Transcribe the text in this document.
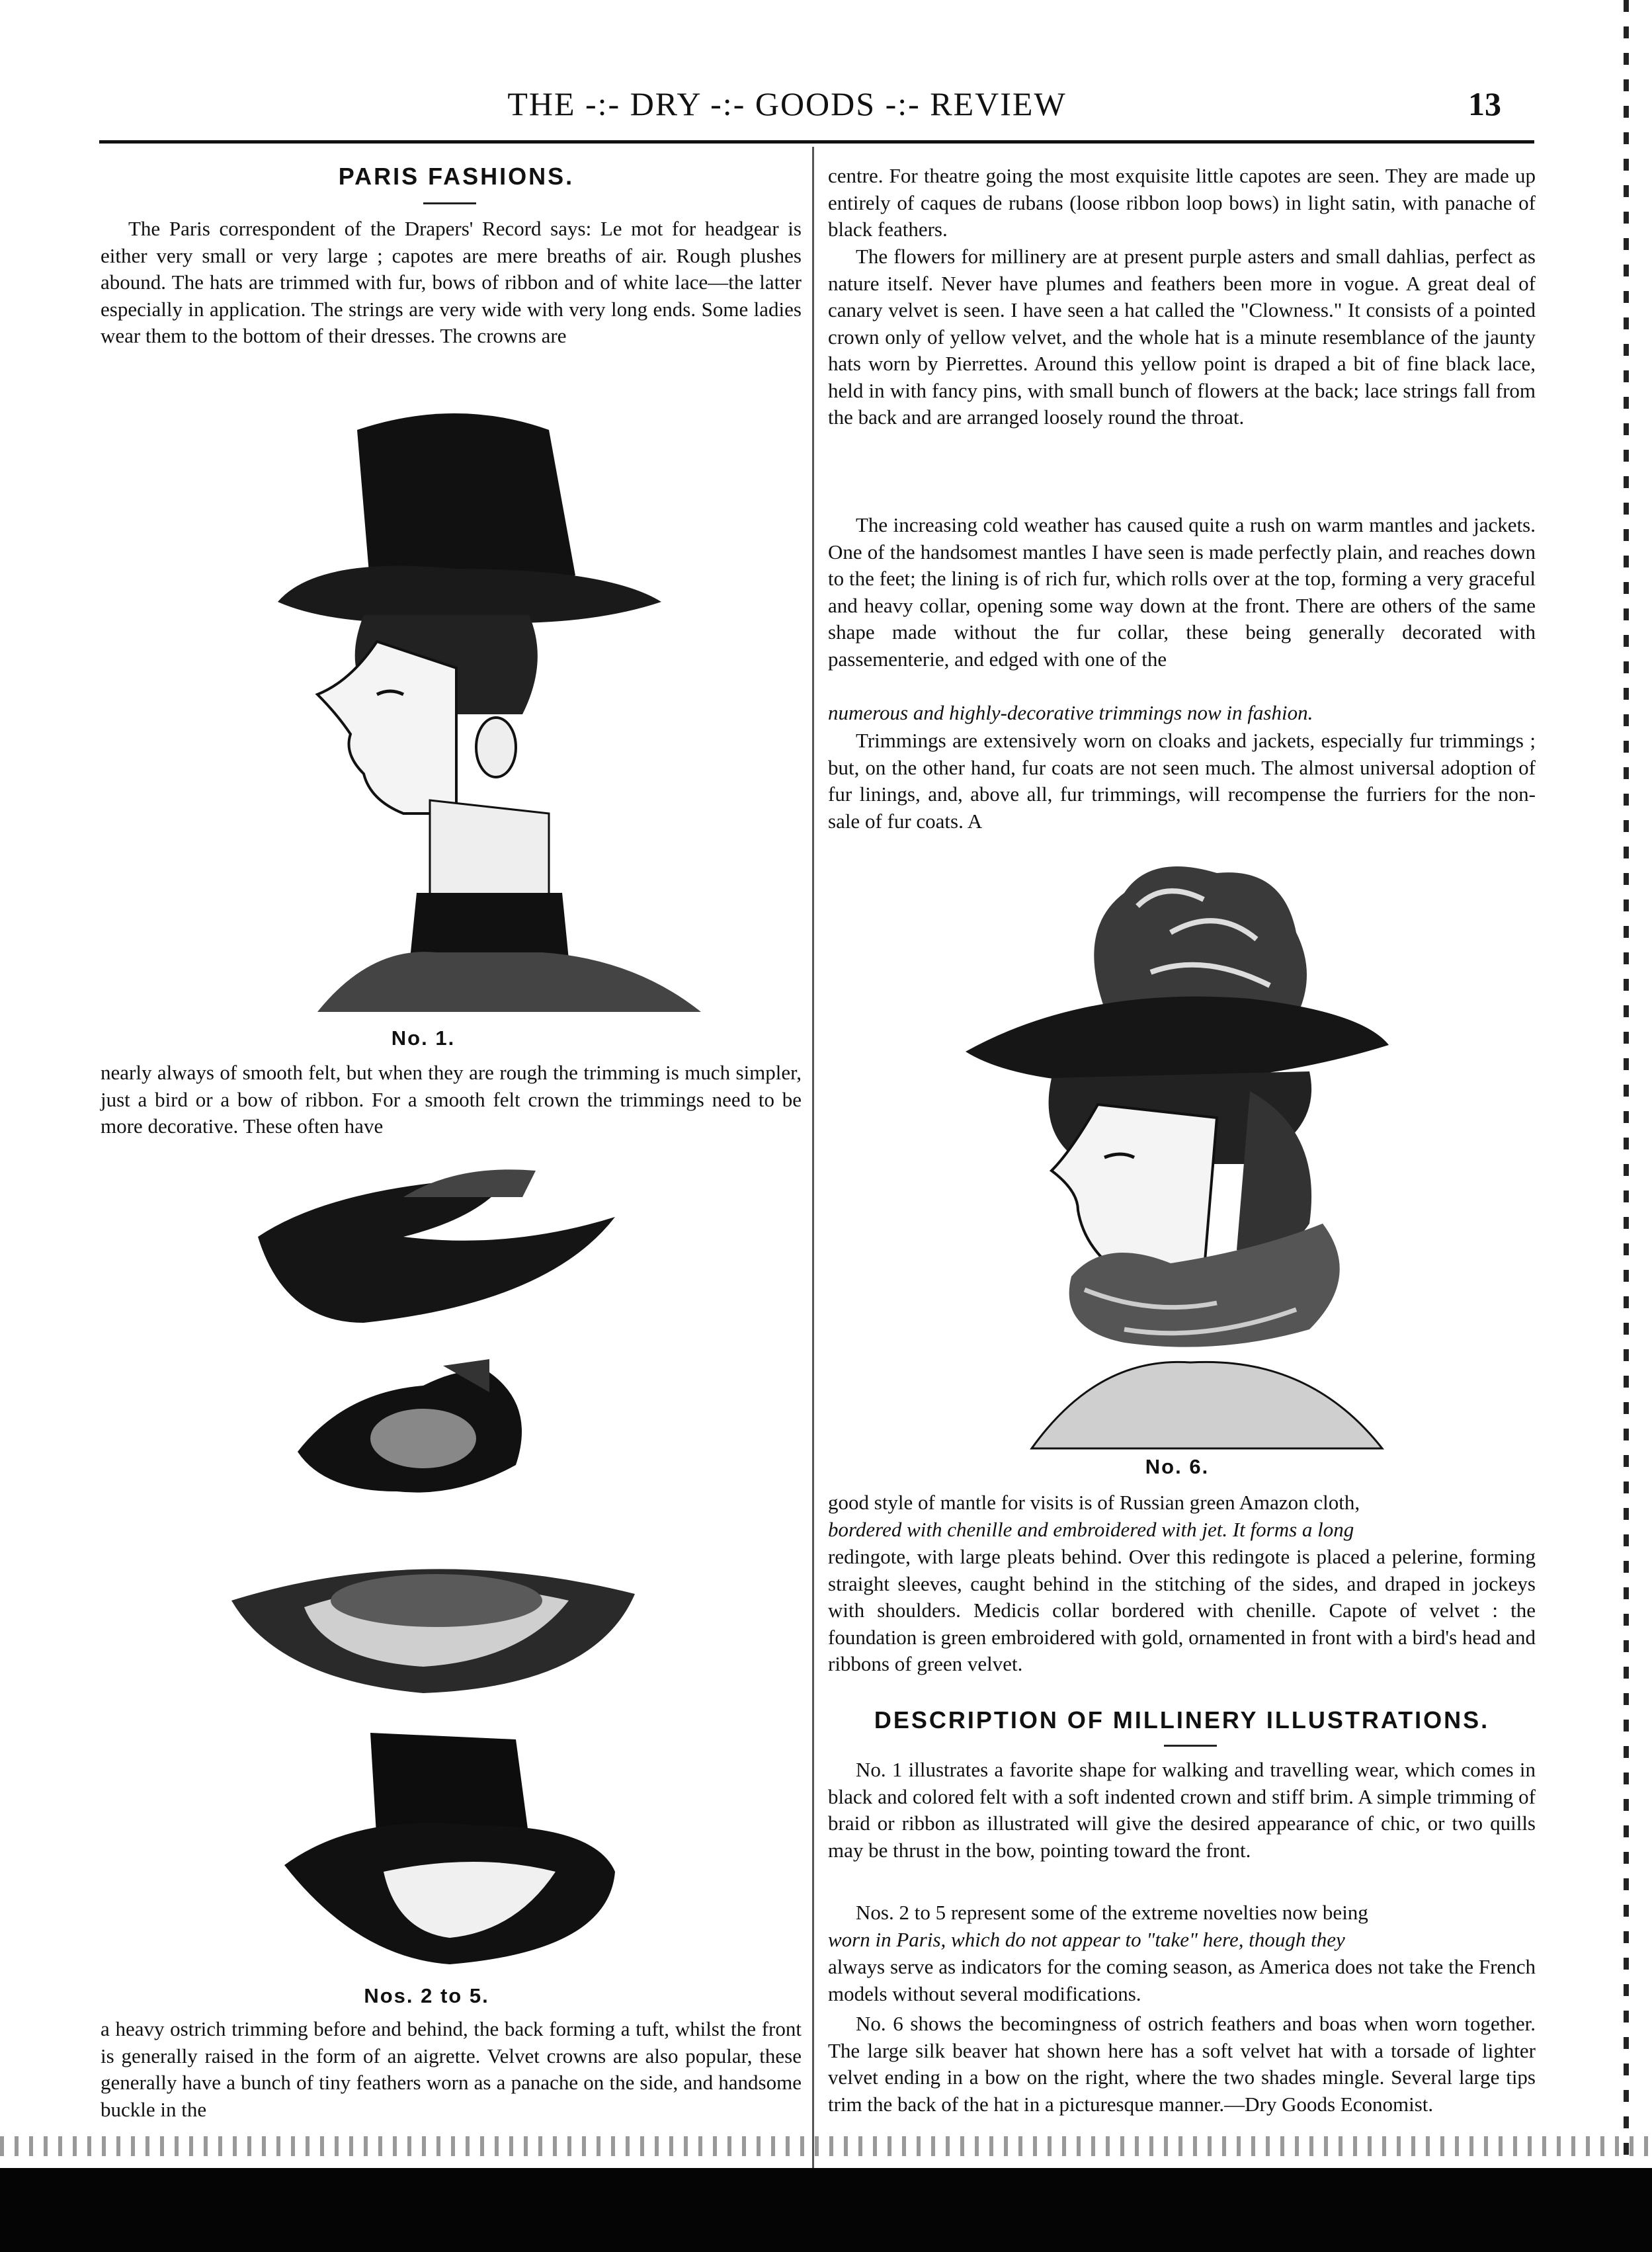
THE -:- DRY -:- GOODS -:- REVIEW	13
PARIS FASHIONS.

The Paris correspondent of the Drapers' Record says: Le mot for headgear is either very small or very large ; capotes are mere breaths of air. Rough plushes abound. The hats are trimmed with fur, bows of ribbon and of white lace—the latter especially in application. The strings are very wide with very long ends. Some ladies wear them to the bottom of their dresses. The crowns are

No. 1.

nearly always of smooth felt, but when they are rough the trimming is much simpler, just a bird or a bow of ribbon. For a smooth felt crown the trimmings need to be more decorative. These often have

Nos. 2 to 5.

a heavy ostrich trimming before and behind, the back forming a tuft, whilst the front is generally raised in the form of an aigrette. Velvet crowns are also popular, these generally have a bunch of tiny feathers worn as a panache on the side, and handsome buckle in the

centre. For theatre going the most exquisite little capotes are seen. They are made up entirely of caques de rubans (loose ribbon loop bows) in light satin, with panache of black feathers.

The flowers for millinery are at present purple asters and small dahlias, perfect as nature itself. Never have plumes and feathers been more in vogue. A great deal of canary velvet is seen. I have seen a hat called the "Clowness." It consists of a pointed crown only of yellow velvet, and the whole hat is a minute resemblance of the jaunty hats worn by Pierrettes. Around this yellow point is draped a bit of fine black lace, held in with fancy pins, with small bunch of flowers at the back; lace strings fall from the back and are arranged loosely round the throat.

The increasing cold weather has caused quite a rush on warm mantles and jackets. One of the handsomest mantles I have seen is made perfectly plain, and reaches down to the feet; the lining is of rich fur, which rolls over at the top, forming a very graceful and heavy collar, opening some way down at the front. There are others of the same shape made without the fur collar, these being generally decorated with passementerie, and edged with one of the

numerous and highly-decorative trimmings now in fashion.

Trimmings are extensively worn on cloaks and jackets, especially fur trimmings ; but, on the other hand, fur coats are not seen much. The almost universal adoption of fur linings, and, above all, fur trimmings, will recompense the furriers for the non-sale of fur coats. A

No. 6.

good style of mantle for visits is of Russian green Amazon cloth,

bordered with chenille and embroidered with jet. It forms a long

redingote, with large pleats behind. Over this redingote is placed a pelerine, forming straight sleeves, caught behind in the stitching of the sides, and draped in jockeys with shoulders. Medicis collar bordered with chenille. Capote of velvet : the foundation is green embroidered with gold, ornamented in front with a bird's head and ribbons of green velvet.

DESCRIPTION OF MILLINERY ILLUSTRATIONS.

No. 1 illustrates a favorite shape for walking and travelling wear, which comes in black and colored felt with a soft indented crown and stiff brim. A simple trimming of braid or ribbon as illustrated will give the desired appearance of chic, or two quills may be thrust in the bow, pointing toward the front.

Nos. 2 to 5 represent some of the extreme novelties now being

worn in Paris, which do not appear to "take" here, though they

always serve as indicators for the coming season, as America does not take the French models without several modifications.

No. 6 shows the becomingness of ostrich feathers and boas when worn together. The large silk beaver hat shown here has a soft velvet hat with a torsade of lighter velvet ending in a bow on the right, where the two shades mingle. Several large tips trim the back of the hat in a picturesque manner.—Dry Goods Economist.
